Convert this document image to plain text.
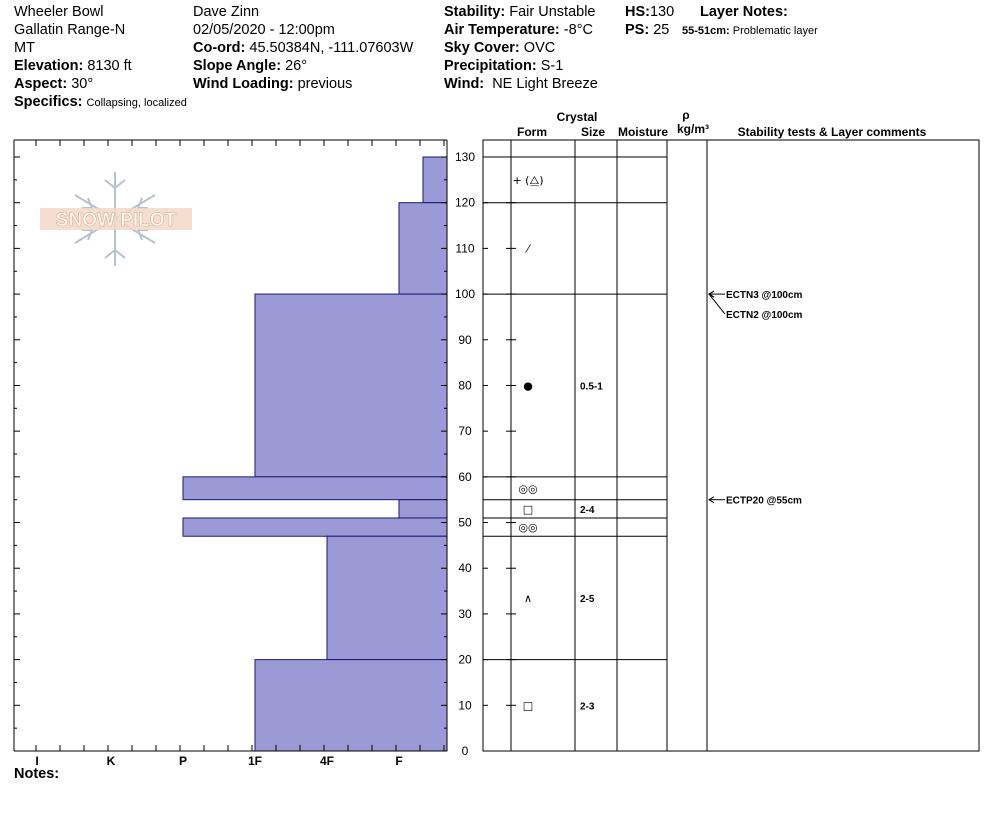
Wheeler Bowl
Gallatin Range-N
MT
Elevation: 8130 ft
Aspect: 30°
Specifics: Collapsing, localized
Dave Zinn
02/05/2020 - 12:00pm
Co-ord: 45.50384N, -111.07603W
Slope Angle: 26°
Wind Loading: previous
Stability: Fair Unstable
Air Temperature: -8°C
Sky Cover: OVC
Precipitation: S-1
Wind: NE Light Breeze
HS:130
PS: 25
Layer Notes:
55-51cm: Problematic layer
Notes:
SNOW PILOT
I	K	P	1F	4F	F
0
10
20
30
40
50
60
70
80
90
100
110
120
130
Crystal
Form	Size Moisture
ρ
kg/m³ Stability tests & Layer comments
+ (⧋)
⁄
●	0.5-1
◎◎
□	2-4
◎◎
∧	2-5
□	2-3
ECTN3 @100cm
ECTN2 @100cm
ECTP20 @55cm
